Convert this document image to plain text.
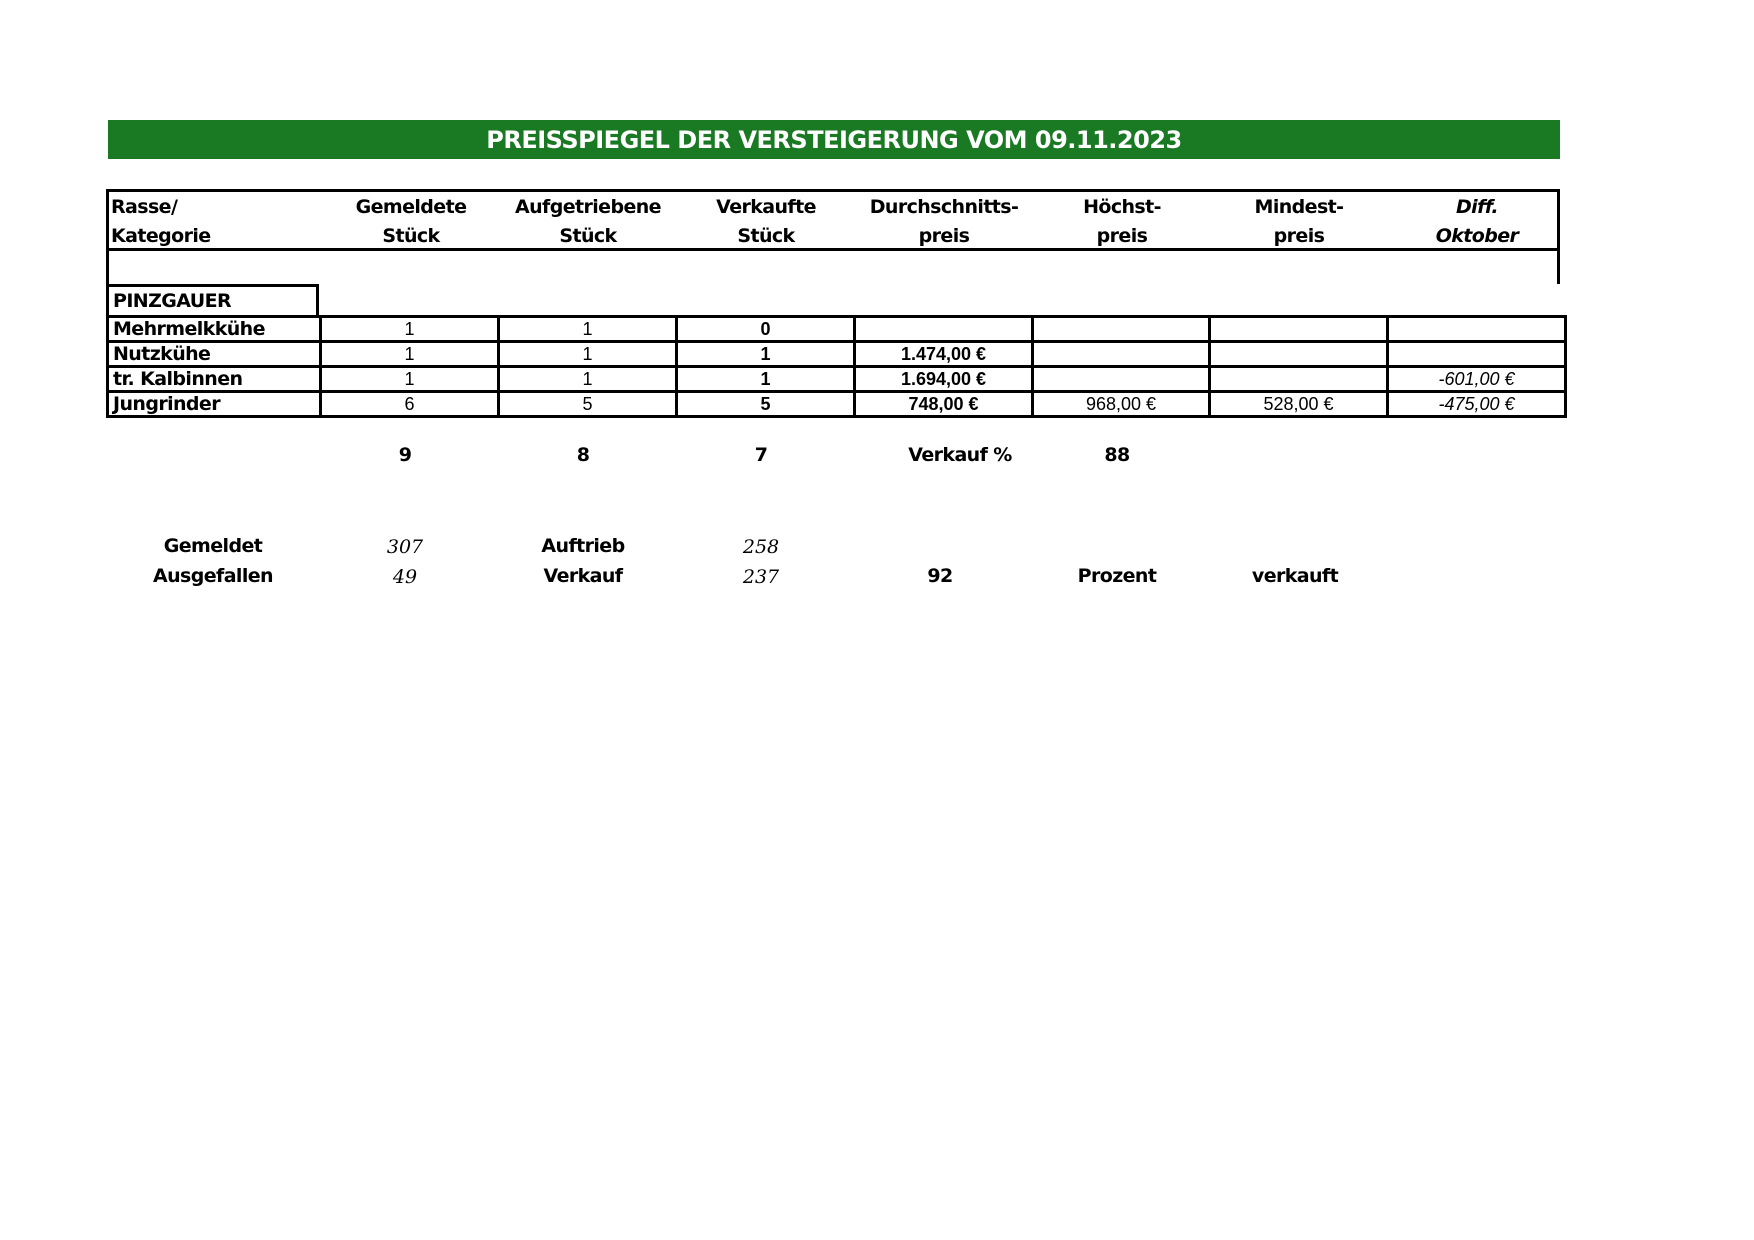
PREISSPIEGEL DER VERSTEIGERUNG VOM 09.11.2023
Rasse/
Kategorie
Gemeldete
Stück
Aufgetriebene
Stück
Verkaufte
Stück
Durchschnitts-
preis
Höchst-
preis
Mindest-
preis
Diff.
Oktober
PINZGAUER
Mehrmelkkühe	1	1	0				
Nutzkühe	1	1	1	1.474,00 €			
tr. Kalbinnen	1	1	1	1.694,00 €			-601,00 €
Jungrinder	6	5	5	748,00 €	968,00 €	528,00 €	-475,00 €
9	8	7	Verkauf %	88
Gemeldet	307	Auftrieb	258
Ausgefallen	49	Verkauf	237	92	Prozent	verkauft
